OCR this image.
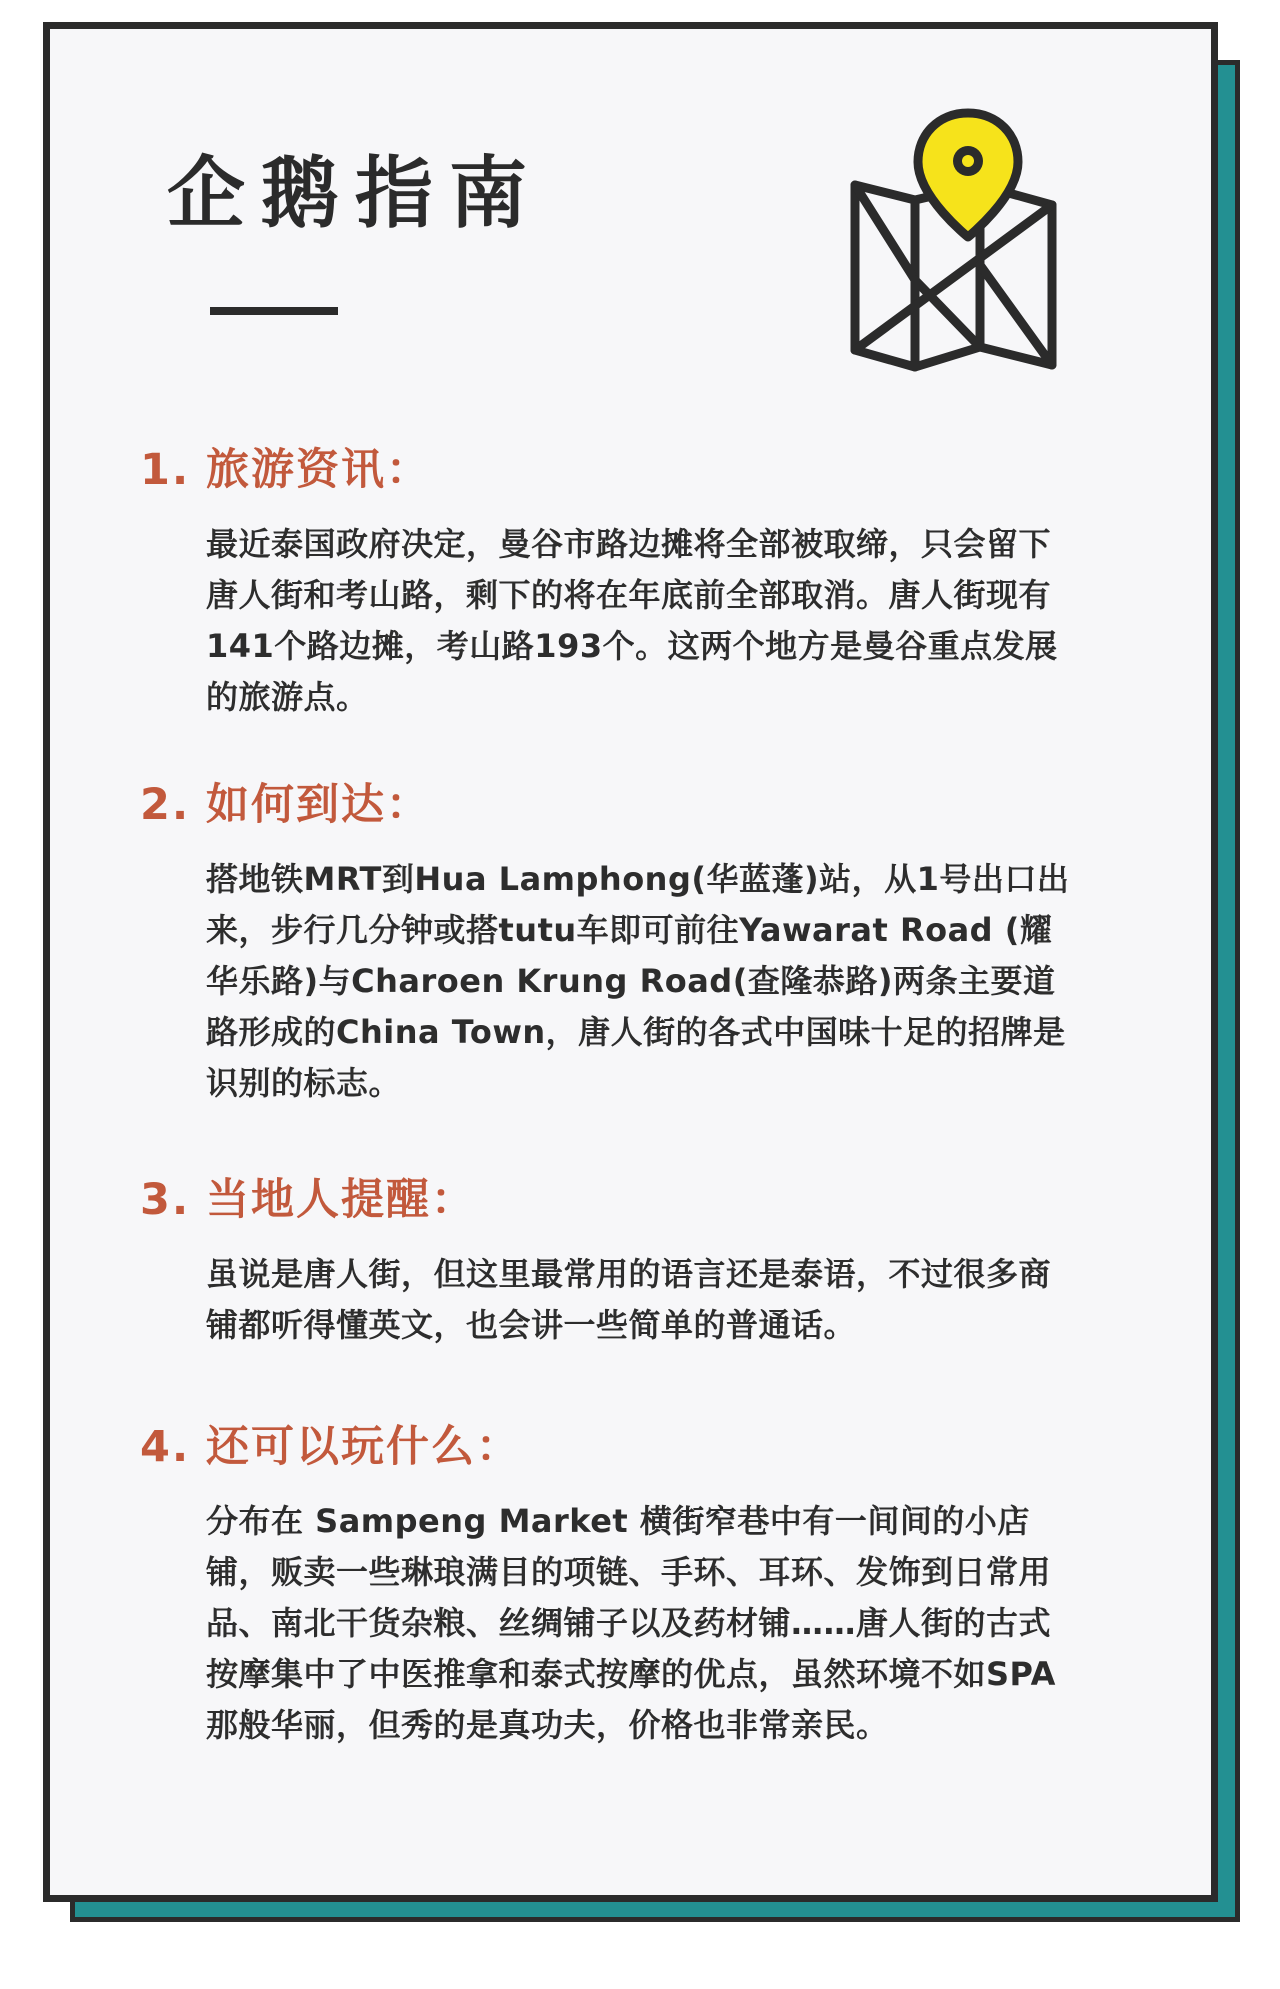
企鹅指南
1. 旅游资讯：

最近泰国政府决定，曼谷市路边摊将全部被取缔，只会留下唐人街和考山路，剩下的将在年底前全部取消。唐人街现有141个路边摊，考山路193个。这两个地方是曼谷重点发展的旅游点。

2. 如何到达：

搭地铁MRT到Hua Lamphong(华蓝蓬)站，从1号出口出来，步行几分钟或搭tutu车即可前往Yawarat Road (耀华乐路)与Charoen Krung Road(查隆恭路)两条主要道路形成的China Town，唐人街的各式中国味十足的招牌是识别的标志。

3. 当地人提醒：

虽说是唐人街，但这里最常用的语言还是泰语，不过很多商铺都听得懂英文，也会讲一些简单的普通话。

4. 还可以玩什么：

分布在 Sampeng Market 横街窄巷中有一间间的小店铺，贩卖一些琳琅满目的项链、手环、耳环、发饰到日常用品、南北干货杂粮、丝绸铺子以及药材铺……唐人街的古式按摩集中了中医推拿和泰式按摩的优点，虽然环境不如SPA那般华丽，但秀的是真功夫，价格也非常亲民。
